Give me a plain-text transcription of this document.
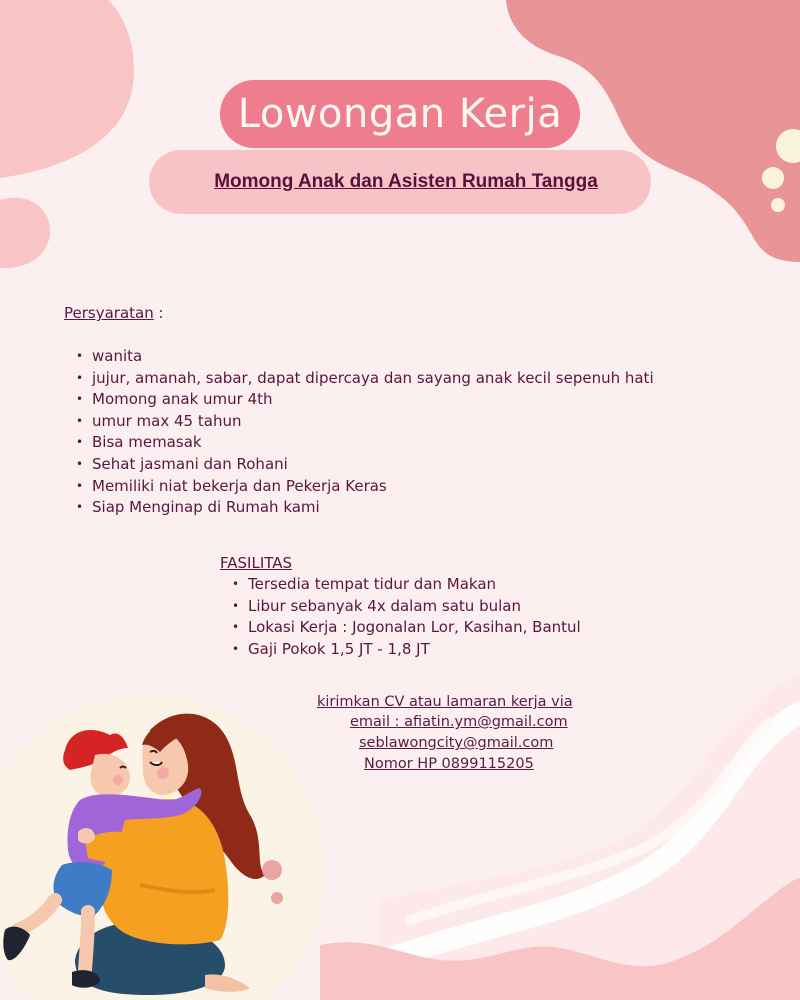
Lowongan Kerja
Momong Anak dan Asisten Rumah Tangga
Persyaratan :
• wanita
• jujur, amanah, sabar, dapat dipercaya dan sayang anak kecil sepenuh hati
• Momong anak umur 4th
• umur max 45 tahun
• Bisa memasak
• Sehat jasmani dan Rohani
• Memiliki niat bekerja dan Pekerja Keras
• Siap Menginap di Rumah kami
FASILITAS
• Tersedia tempat tidur dan Makan
• Libur sebanyak 4x dalam satu bulan
• Lokasi Kerja : Jogonalan Lor, Kasihan, Bantul
• Gaji Pokok 1,5 JT - 1,8 JT
kirimkan CV atau lamaran kerja via
email : afiatin.ym@gmail.com
seblawongcity@gmail.com
Nomor HP 0899115205
